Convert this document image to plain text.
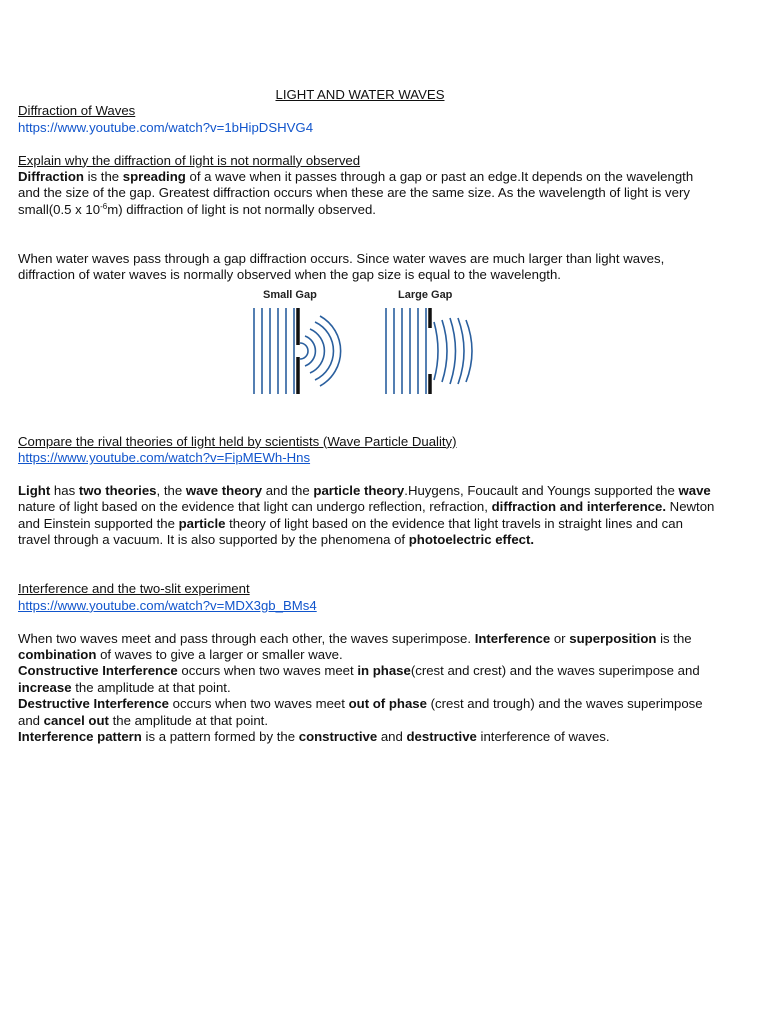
LIGHT AND WATER WAVES

Diffraction of Waves

https://www.youtube.com/watch?v=1bHipDSHVG4

Explain why the diffraction of light is not normally observed

Diffraction is the spreading of a wave when it passes through a gap or past an edge.It depends on the wavelength and the size of the gap. Greatest diffraction occurs when these are the same size. As the wavelength of light is very small(0.5 x $10^{-6}m$) diffraction of light is not normally observed.

When water waves pass through a gap diffraction occurs. Since water waves are much larger than light waves, diffraction of water waves is normally observed when the gap size is equal to the wavelength.

Small Gap	Large Gap

Compare the rival theories of light held by scientists (Wave Particle Duality)

https://www.youtube.com/watch?v=FipMEWh-Hns

Light has two theories, the wave theory and the particle theory.Huygens, Foucault and Youngs supported the wave nature of light based on the evidence that light can undergo reflection, refraction, diffraction and interference. Newton and Einstein supported the particle theory of light based on the evidence that light travels in straight lines and can travel through a vacuum. It is also supported by the phenomena of photoelectric effect.

Interference and the two-slit experiment

https://www.youtube.com/watch?v=MDX3gb_BMs4

When two waves meet and pass through each other, the waves superimpose. Interference or superposition is the combination of waves to give a larger or smaller wave.

Constructive Interference occurs when two waves meet in phase(crest and crest) and the waves superimpose and increase the amplitude at that point.

Destructive Interference occurs when two waves meet out of phase (crest and trough) and the waves superimpose and cancel out the amplitude at that point.

Interference pattern is a pattern formed by the constructive and destructive interference of waves.
